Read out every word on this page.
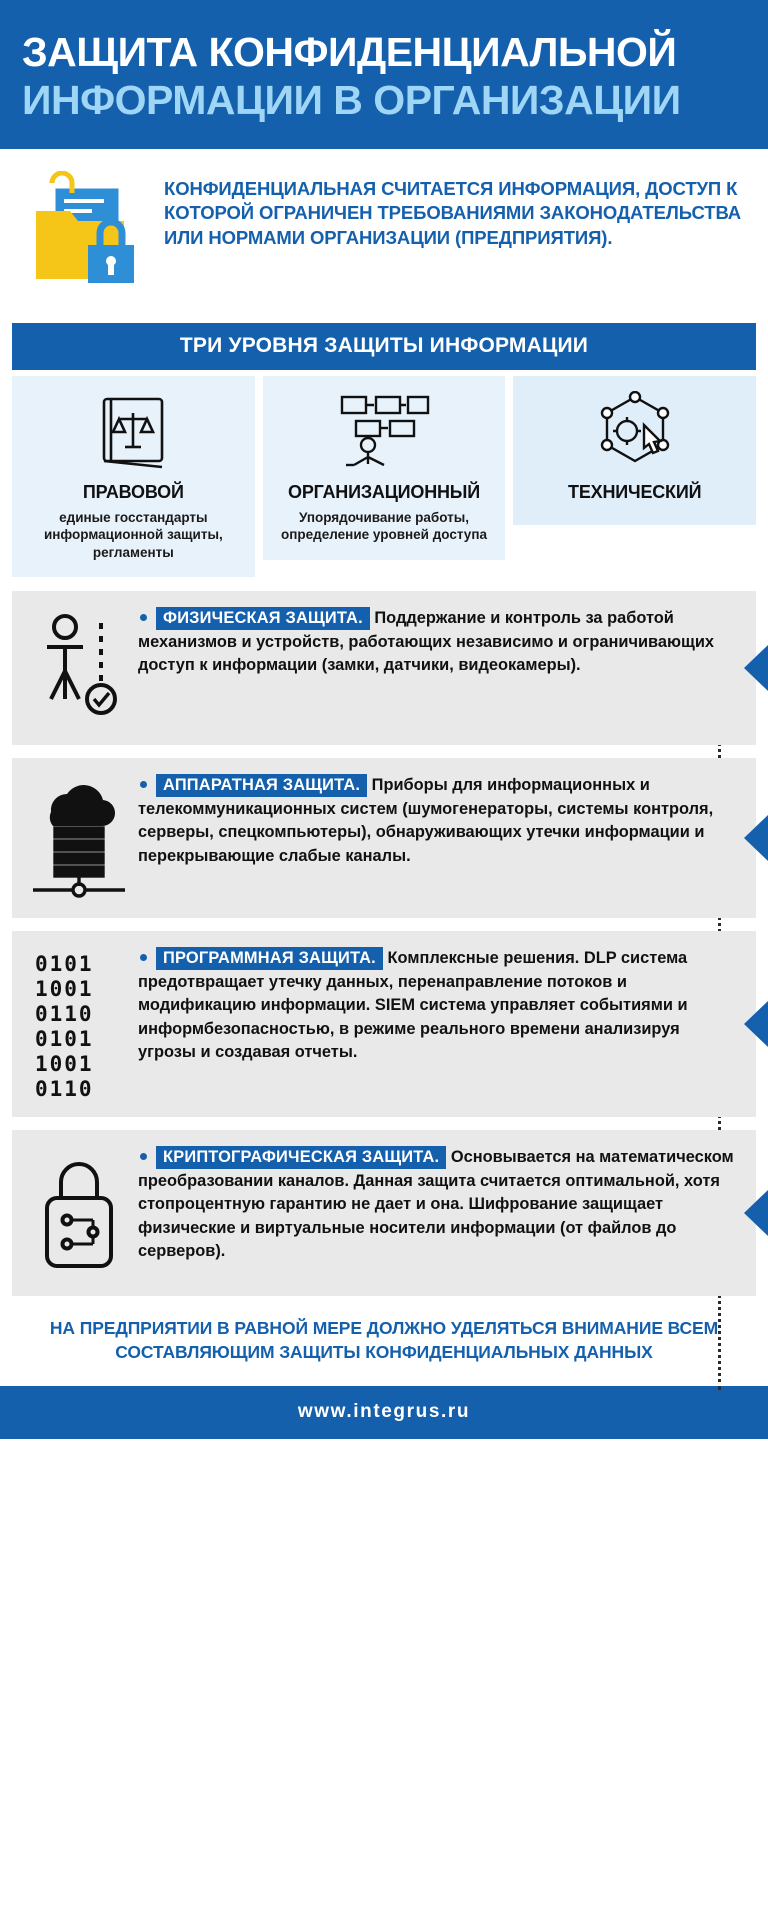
ЗАЩИТА КОНФИДЕНЦИАЛЬНОЙ
ИНФОРМАЦИИ В ОРГАНИЗАЦИИ
КОНФИДЕНЦИАЛЬНАЯ СЧИТАЕТСЯ ИНФОРМАЦИЯ, ДОСТУП К КОТОРОЙ ОГРАНИЧЕН ТРЕБОВАНИЯМИ ЗАКОНОДАТЕЛЬСТВА ИЛИ НОРМАМИ ОРГАНИЗАЦИИ (ПРЕДПРИЯТИЯ).
ТРИ УРОВНЯ ЗАЩИТЫ ИНФОРМАЦИИ
ПРАВОВОЙ
единые госстандарты информационной защиты, регламенты
ОРГАНИЗАЦИОННЫЙ
Упорядочивание работы, определение уровней доступа
ТЕХНИЧЕСКИЙ
ФИЗИЧЕСКАЯ ЗАЩИТА. Поддержание и контроль за работой механизмов и устройств, работающих независимо и ограничивающих доступ к информации (замки, датчики, видеокамеры).
АППАРАТНАЯ ЗАЩИТА. Приборы для информационных и телекоммуникационных систем (шумогенераторы, системы контроля, серверы, спецкомпьютеры), обнаруживающих утечки информации и перекрывающие слабые каналы.
0101
1001
0110
0101
1001
0110
ПРОГРАММНАЯ ЗАЩИТА. Комплексные решения. DLP система предотвращает утечку данных, перенаправление потоков и модификацию информации. SIEM система управляет событиями и информбезопасностью, в режиме реального времени анализируя угрозы и создавая отчеты.
КРИПТОГРАФИЧЕСКАЯ ЗАЩИТА. Основывается на математическом преобразовании каналов. Данная защита считается оптимальной, хотя стопроцентную гарантию не дает и она. Шифрование защищает физические и виртуальные носители информации (от файлов до серверов).
НА ПРЕДПРИЯТИИ В РАВНОЙ МЕРЕ ДОЛЖНО УДЕЛЯТЬСЯ ВНИМАНИЕ ВСЕМ СОСТАВЛЯЮЩИМ ЗАЩИТЫ КОНФИДЕНЦИАЛЬНЫХ ДАННЫХ
www.integrus.ru
